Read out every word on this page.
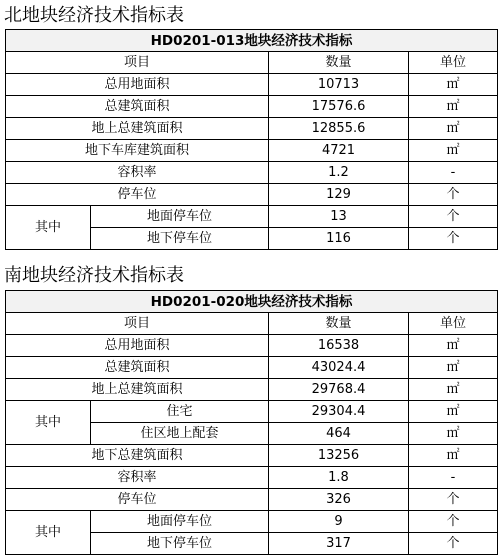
北地块经济技术指标表
HD0201-013地块经济技术指标			
项目		数量	单位
总用地面积		10713	㎡
总建筑面积		17576.6	㎡
地上总建筑面积		12855.6	㎡
地下车库建筑面积		4721	㎡
容积率		1.2	-
停车位		129	个
其中	地面停车位	13	个
	地下停车位	116	个
南地块经济技术指标表
HD0201-020地块经济技术指标			
项目		数量	单位
总用地面积		16538	㎡
总建筑面积		43024.4	㎡
地上总建筑面积		29768.4	㎡
其中	住宅	29304.4	㎡
	住区地上配套	464	㎡
地下总建筑面积		13256	㎡
容积率		1.8	-
停车位		326	个
其中	地面停车位	9	个
	地下停车位	317	个
